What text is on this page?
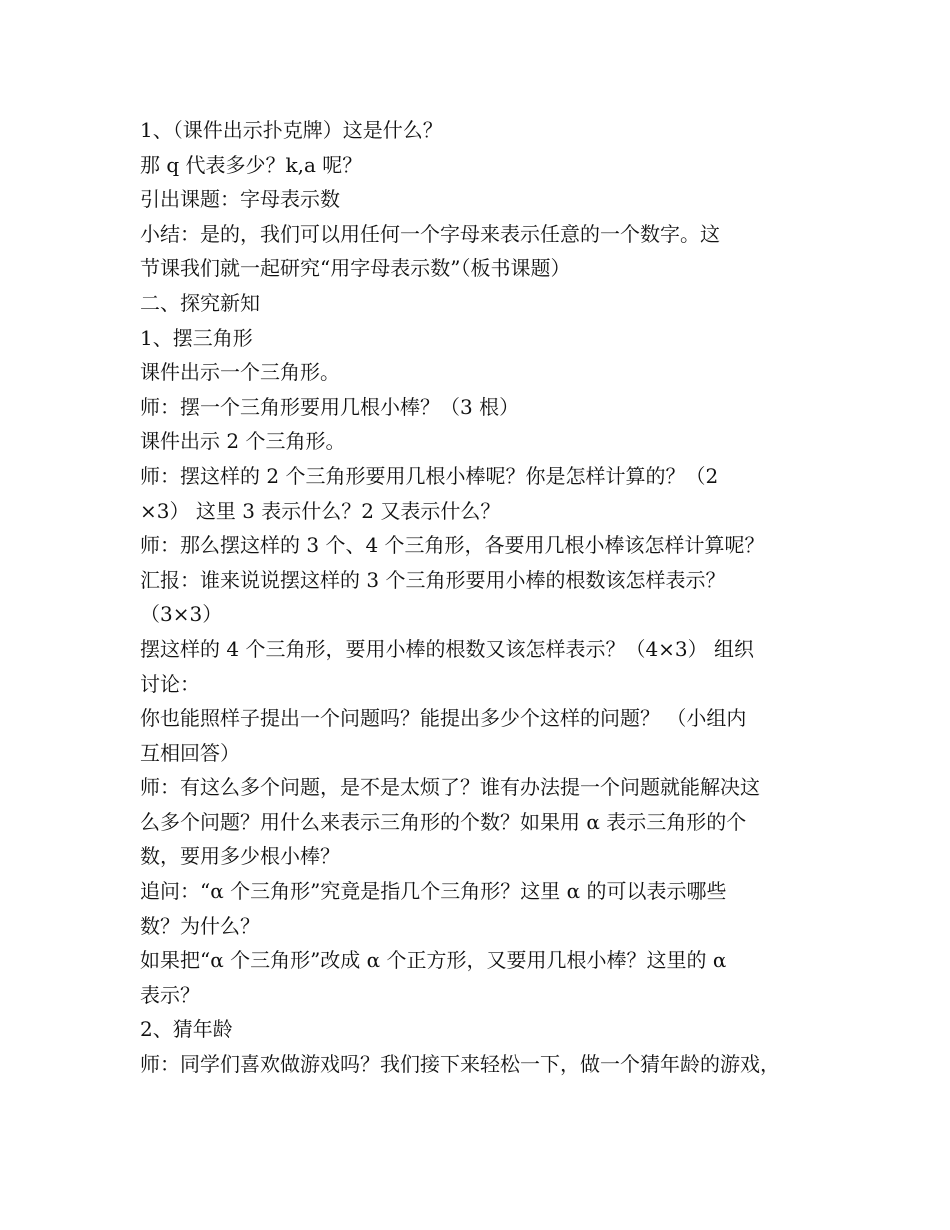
1、（课件出示扑克牌）这是什么？
那 q 代表多少？k,a 呢？
引出课题：字母表示数
小结：是的，我们可以用任何一个字母来表示任意的一个数字。这
节课我们就一起研究“用字母表示数”（板书课题）
二、探究新知
1、摆三角形
课件出示一个三角形。
师：摆一个三角形要用几根小棒？（3 根）
课件出示 2 个三角形。
师：摆这样的 2 个三角形要用几根小棒呢？你是怎样计算的？（2
×3） 这里 3 表示什么？2 又表示什么？
师：那么摆这样的 3 个、4 个三角形，各要用几根小棒该怎样计算呢？
汇报：谁来说说摆这样的 3 个三角形要用小棒的根数该怎样表示？
（3×3）
摆这样的 4 个三角形，要用小棒的根数又该怎样表示？（4×3） 组织
讨论：
你也能照样子提出一个问题吗？能提出多少个这样的问题？ （小组内
互相回答）
师：有这么多个问题，是不是太烦了？谁有办法提一个问题就能解决这
么多个问题？用什么来表示三角形的个数？如果用 α 表示三角形的个
数，要用多少根小棒？
追问：“α 个三角形”究竟是指几个三角形？这里 α 的可以表示哪些
数？为什么？
如果把“α 个三角形”改成 α 个正方形，又要用几根小棒？这里的 α
表示？
2、猜年龄
师：同学们喜欢做游戏吗？我们接下来轻松一下，做一个猜年龄的游戏，
